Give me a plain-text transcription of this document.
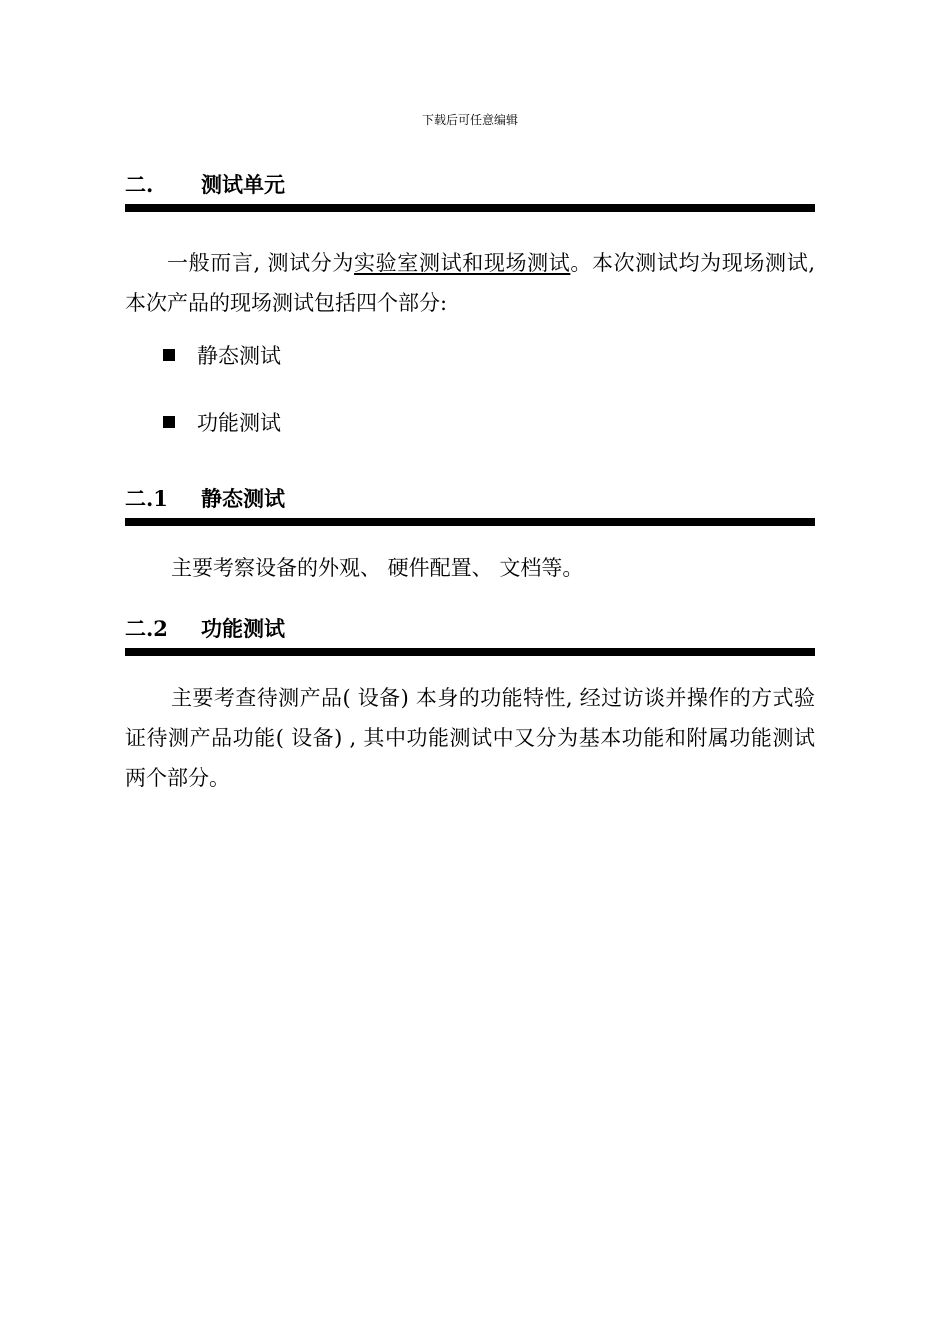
下载后可任意编辑
二. 测试单元

一般而言, 测试分为实验室测试和现场测试。本次测试均为现场测试, 本次产品的现场测试包括四个部分:

静态测试
功能测试
二.1 静态测试

主要考察设备的外观、 硬件配置、 文档等。

二.2 功能测试

主要考查待测产品( 设备) 本身的功能特性, 经过访谈并操作的方式验证待测产品功能( 设备) , 其中功能测试中又分为基本功能和附属功能测试两个部分。
